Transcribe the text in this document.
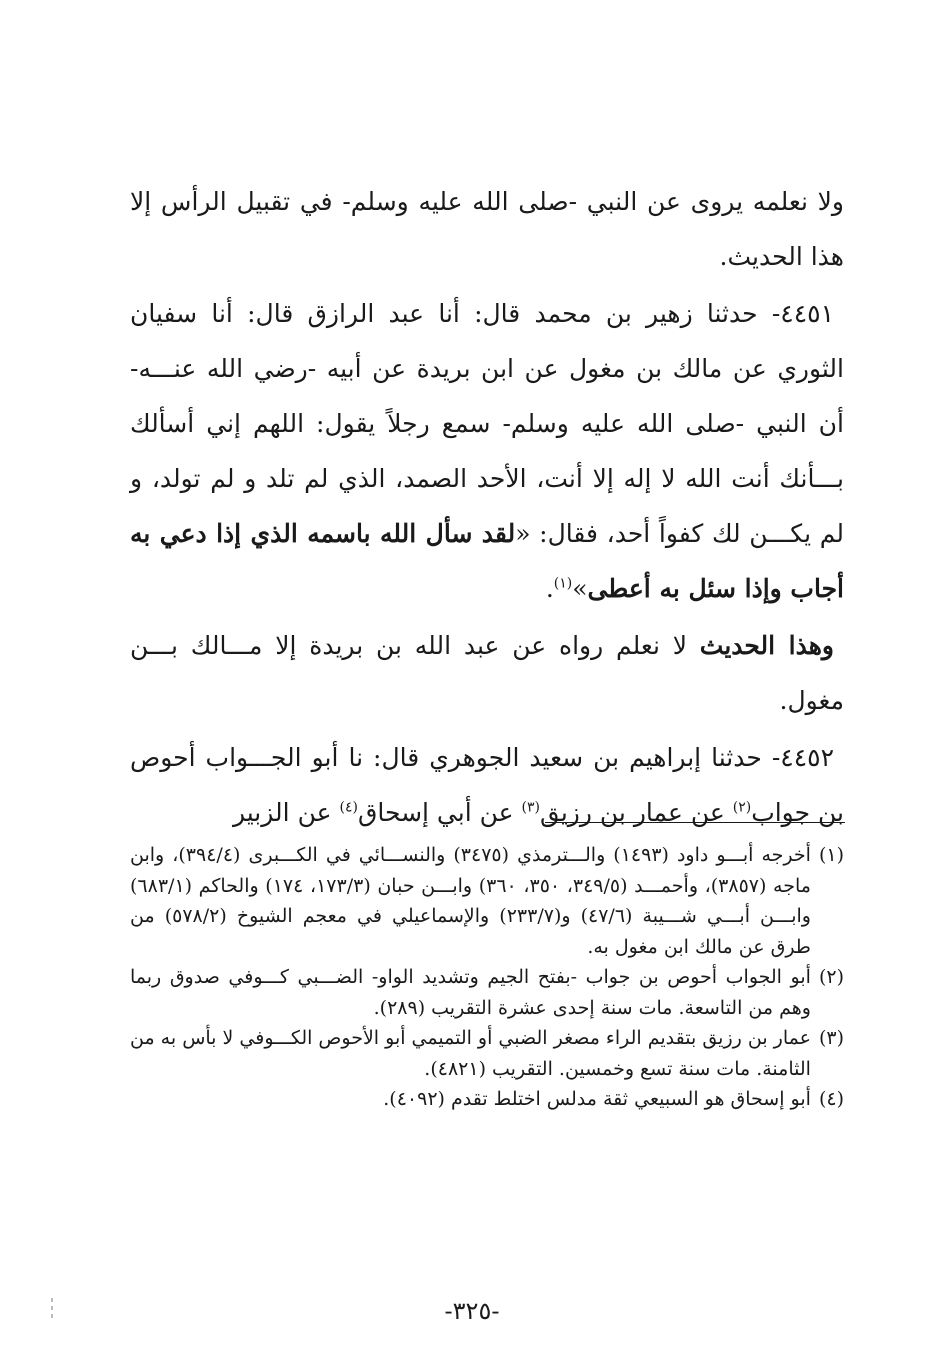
ولا نعلمه يروى عن النبي -صلى الله عليه وسلم- في تقبيل الرأس إلا هذا الحديث.

٤٤٥١- حدثنا زهير بن محمد قال: أنا عبد الرازق قال: أنا سفيان الثوري عن مالك بن مغول عن ابن بريدة عن أبيه -رضي الله عنـــه- أن النبي -صلى الله عليه وسلم- سمع رجلاً يقول: اللهم إني أسألك بـــأنك أنت الله لا إله إلا أنت، الأحد الصمد، الذي لم تلد و لم تولد، و لم يكـــن لك كفواً أحد، فقال: «لقد سأل الله باسمه الذي إذا دعي به أجاب وإذا سئل به أعطى»$^{(١)}$.

وهذا الحديث لا نعلم رواه عن عبد الله بن بريدة إلا مـــالك بـــن مغول.

٤٤٥٢- حدثنا إبراهيم بن سعيد الجوهري قال: نا أبو الجـــواب أحوص بن جواب$^{(٢)}$ عن عمار بن رزيق$^{(٣)}$ عن أبي إسحاق$^{(٤)}$ عن الزبير

(١)
أخرجه أبـــو داود (١٤٩٣) والـــترمذي (٣٤٧٥) والنســـائي في الكـــبرى (٣٩٤/٤)، وابن ماجه (٣٨٥٧)، وأحمـــد (٣٤٩/٥، ٣٥٠، ٣٦٠) وابـــن حبان (١٧٣/٣، ١٧٤) والحاكم (٦٨٣/١) وابـــن أبـــي شـــيبة (٤٧/٦) و(٢٣٣/٧) والإسماعيلي في معجم الشيوخ (٥٧٨/٢) من طرق عن مالك ابن مغول به.
(٢)
أبو الجواب أحوص بن جواب -بفتح الجيم وتشديد الواو- الضـــبي كـــوفي صدوق ربما وهم من التاسعة. مات سنة إحدى عشرة التقريب (٢٨٩).
(٣)
عمار بن رزيق بتقديم الراء مصغر الضبي أو التميمي أبو الأحوص الكـــوفي لا بأس به من الثامنة. مات سنة تسع وخمسين. التقريب (٤٨٢١).
(٤)
أبو إسحاق هو السبيعي ثقة مدلس اختلط تقدم (٤٠٩٢).
-٣٢٥-
